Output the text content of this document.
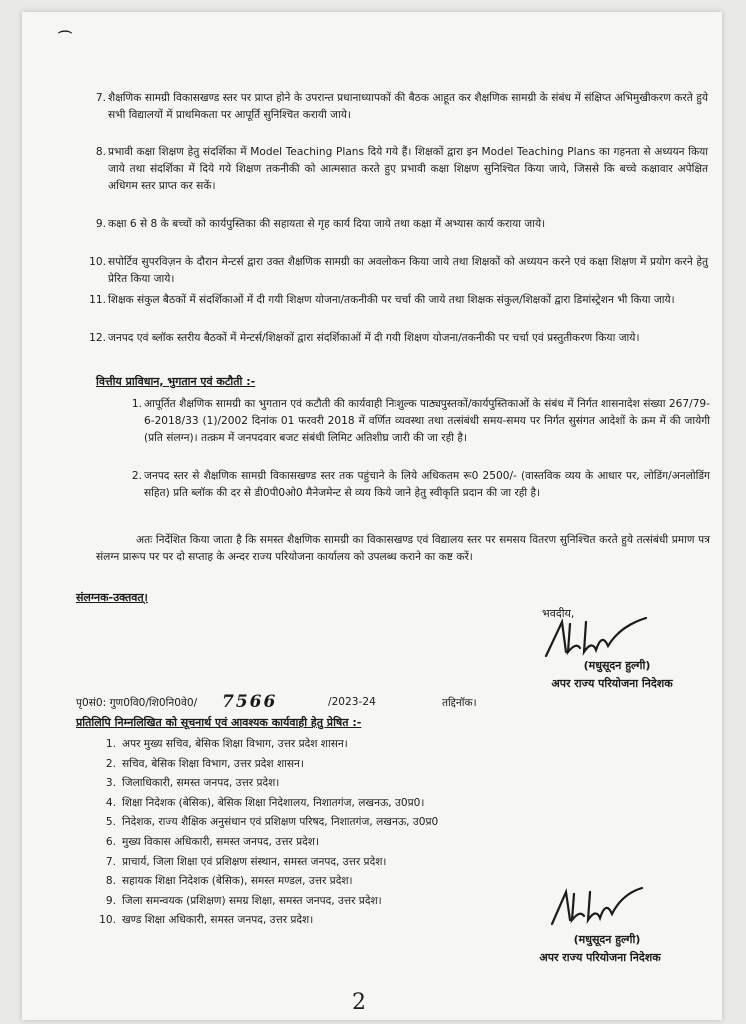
⌒
7. शैक्षणिक सामग्री विकासखण्ड स्तर पर प्राप्त होने के उपरान्त प्रधानाध्यापकों की बैठक आहूत कर शैक्षणिक सामग्री के संबंध में संक्षिप्त अभिमुखीकरण करते हुये सभी विद्यालयों में प्राथमिकता पर आपूर्ति सुनिश्चित करायी जाये।

8. प्रभावी कक्षा शिक्षण हेतु संदर्शिका में Model Teaching Plans दिये गये हैं। शिक्षकों द्वारा इन Model Teaching Plans का गहनता से अध्ययन किया जाये तथा संदर्शिका में दिये गये शिक्षण तकनीकी को आत्मसात करते हुए प्रभावी कक्षा शिक्षण सुनिश्चित किया जाये, जिससे कि बच्चे कक्षावार अपेक्षित अधिगम स्तर प्राप्त कर सकें।

9. कक्षा 6 से 8 के बच्चों को कार्यपुस्तिका की सहायता से गृह कार्य दिया जाये तथा कक्षा में अभ्यास कार्य कराया जाये।

10. सपोर्टिव सुपरविज़न के दौरान मेन्टर्स द्वारा उक्त शैक्षणिक सामग्री का अवलोकन किया जाये तथा शिक्षकों को अध्ययन करने एवं कक्षा शिक्षण में प्रयोग करने हेतु प्रेरित किया जाये।

11. शिक्षक संकुल बैठकों में संदर्शिकाओं में दी गयी शिक्षण योजना/तकनीकी पर चर्चा की जाये तथा शिक्षक संकुल/शिक्षकों द्वारा डिमांस्ट्रेशन भी किया जाये।

12. जनपद एवं ब्लॉक स्तरीय बैठकों में मेन्टर्स/शिक्षकों द्वारा संदर्शिकाओं में दी गयी शिक्षण योजना/तकनीकी पर चर्चा एवं प्रस्तुतीकरण किया जाये।

वित्तीय प्राविधान, भुगतान एवं कटौती :-
1. आपूर्तित शैक्षणिक सामग्री का भुगतान एवं कटौती की कार्यवाही निःशुल्क पाठ्यपुस्तकों/कार्यपुस्तिकाओं के संबंध में निर्गत शासनादेश संख्या 267/79-6-2018/33 (1)/2002 दिनांक 01 फरवरी 2018 में वर्णित व्यवस्था तथा तत्संबंधी समय-समय पर निर्गत सुसंगत आदेशों के क्रम में की जायेगी (प्रति संलग्न)। तत्क्रम में जनपदवार बजट संबंधी लिमिट अतिशीघ्र जारी की जा रही है।

2. जनपद स्तर से शैक्षणिक सामग्री विकासखण्ड स्तर तक पहुंचाने के लिये अधिकतम रू0 2500/- (वास्तविक व्यय के आधार पर, लोडिंग/अनलोडिंग सहित) प्रति ब्लॉक की दर से डी0पी0ओ0 मैनेजमेन्ट से व्यय किये जाने हेतु स्वीकृति प्रदान की जा रही है।

अतः निर्देशित किया जाता है कि समस्त शैक्षणिक सामग्री का विकासखण्ड एवं विद्यालय स्तर पर समसय वितरण सुनिश्चित करते हुये तत्संबंधी प्रमाण पत्र संलग्न प्रारूप पर पर दो सप्ताह के अन्दर राज्य परियोजना कार्यालय को उपलब्ध कराने का कष्ट करें।
संलग्नक-उक्तवत्।
भवदीय,
(मधुसूदन हुल्गी)
अपर राज्य परियोजना निदेशक
पृ0सं0: गुण0वि0/शि0नि0वे0/ 7566	/2023-24	तद्दिनॉक।
प्रतिलिपि निम्नलिखित को सूचनार्थ एवं आवश्यक कार्यवाही हेतु प्रेषित :-
1. अपर मुख्य सचिव, बेसिक शिक्षा विभाग, उत्तर प्रदेश शासन।
2. सचिव, बेसिक शिक्षा विभाग, उत्तर प्रदेश शासन।
3. जिलाधिकारी, समस्त जनपद, उत्तर प्रदेश।
4. शिक्षा निदेशक (बेसिक), बेसिक शिक्षा निदेशालय, निशातगंज, लखनऊ, उ0प्र0।
5. निदेशक, राज्य शैक्षिक अनुसंधान एवं प्रशिक्षण परिषद, निशातगंज, लखनऊ, उ0प्र0
6. मुख्य विकास अधिकारी, समस्त जनपद, उत्तर प्रदेश।
7. प्राचार्य, जिला शिक्षा एवं प्रशिक्षण संस्थान, समस्त जनपद, उत्तर प्रदेश।
8. सहायक शिक्षा निदेशक (बेसिक), समस्त मण्डल, उत्तर प्रदेश।
9. जिला समन्वयक (प्रशिक्षण) समग्र शिक्षा, समस्त जनपद, उत्तर प्रदेश।
10. खण्ड शिक्षा अधिकारी, समस्त जनपद, उत्तर प्रदेश।
(मधुसूदन हुल्गी)
अपर राज्य परियोजना निदेशक
2
